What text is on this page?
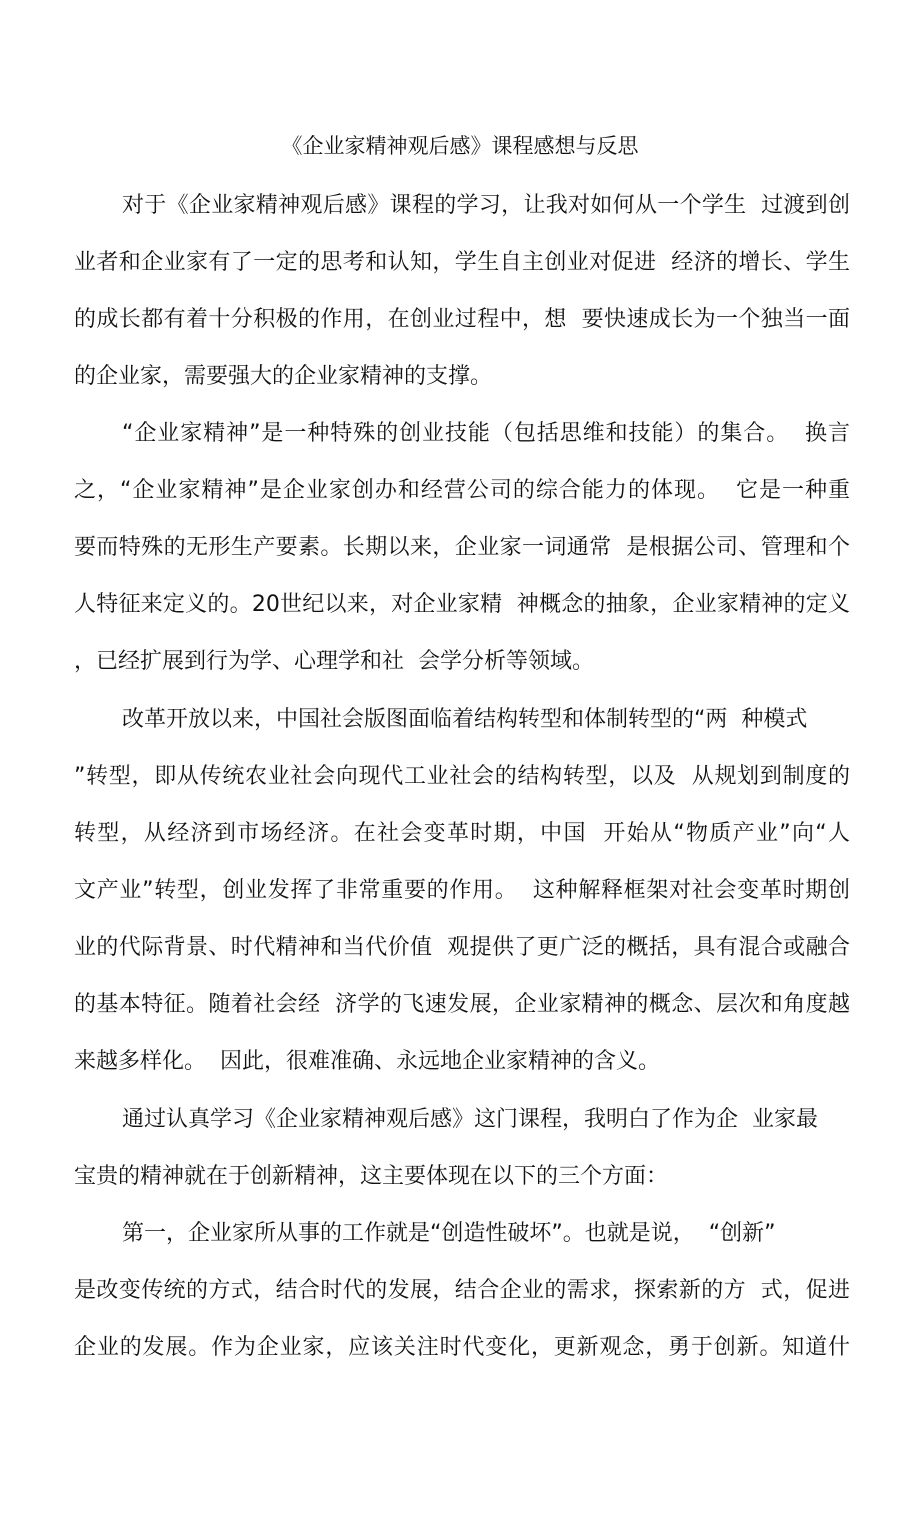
《企业家精神观后感》课程感想与反思
对于《企业家精神观后感》课程的学习，让我对如何从一个学生  过渡到创
业者和企业家有了一定的思考和认知，学生自主创业对促进  经济的增长、学生
的成长都有着十分积极的作用，在创业过程中，想  要快速成长为一个独当一面
的企业家，需要强大的企业家精神的支撑。
“企业家精神”是一种特殊的创业技能（包括思维和技能）的集合。  换言
之，“企业家精神”是企业家创办和经营公司的综合能力的体现。  它是一种重
要而特殊的无形生产要素。长期以来，企业家一词通常  是根据公司、管理和个
人特征来定义的。20世纪以来，对企业家精  神概念的抽象，企业家精神的定义
，已经扩展到行为学、心理学和社  会学分析等领域。
改革开放以来，中国社会版图面临着结构转型和体制转型的“两  种模式
”转型，即从传统农业社会向现代工业社会的结构转型，以及  从规划到制度的
转型，从经济到市场经济。在社会变革时期，中国  开始从“物质产业”向“人
文产业”转型，创业发挥了非常重要的作用。  这种解释框架对社会变革时期创
业的代际背景、时代精神和当代价值  观提供了更广泛的概括，具有混合或融合
的基本特征。随着社会经  济学的飞速发展，企业家精神的概念、层次和角度越
来越多样化。  因此，很难准确、永远地企业家精神的含义。
通过认真学习《企业家精神观后感》这门课程，我明白了作为企  业家最
宝贵的精神就在于创新精神，这主要体现在以下的三个方面：
第一，企业家所从事的工作就是“创造性破坏”。也就是说，  “创新”
是改变传统的方式，结合时代的发展，结合企业的需求，探索新的方  式，促进
企业的发展。作为企业家，应该关注时代变化，更新观念，勇于创新。知道什
